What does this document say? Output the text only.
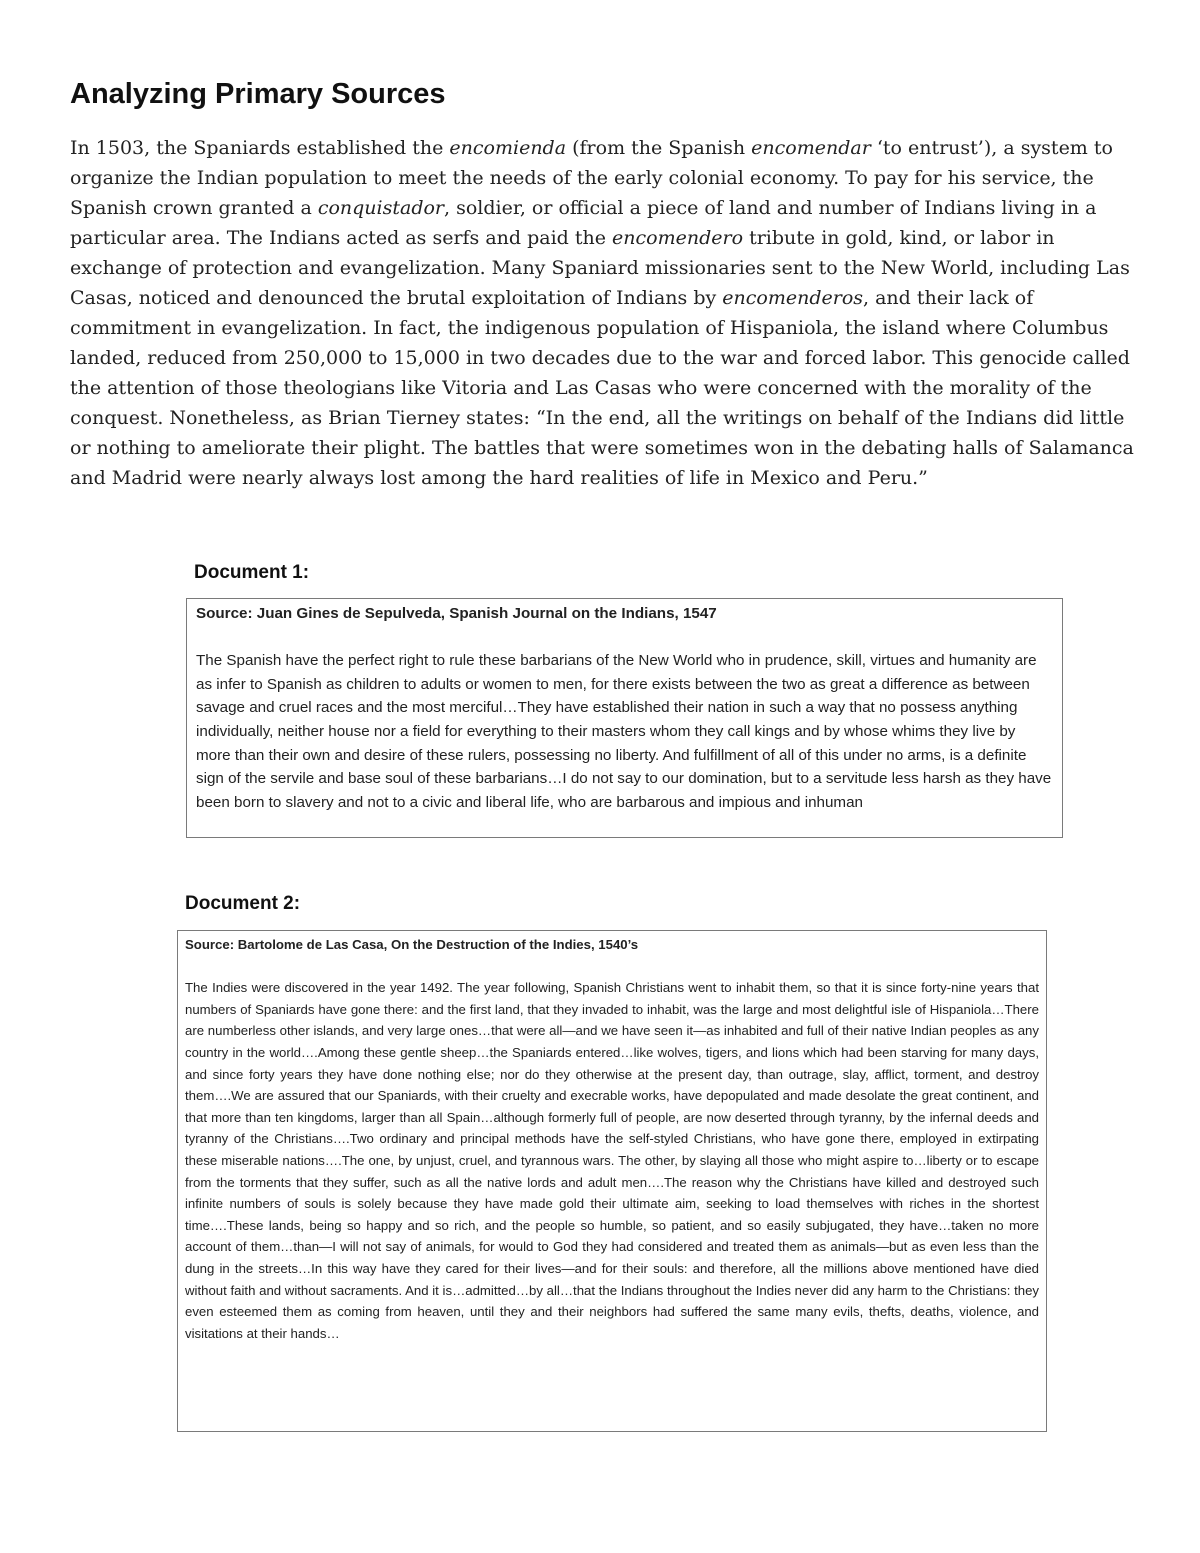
Analyzing Primary Sources

In 1503, the Spaniards established the encomienda (from the Spanish encomendar ‘to entrust’), a system to organize the Indian population to meet the needs of the early colonial economy. To pay for his service, the Spanish crown granted a conquistador, soldier, or official a piece of land and number of Indians living in a particular area. The Indians acted as serfs and paid the encomendero tribute in gold, kind, or labor in exchange of protection and evangelization. Many Spaniard missionaries sent to the New World, including Las Casas, noticed and denounced the brutal exploitation of Indians by encomenderos, and their lack of commitment in evangelization. In fact, the indigenous population of Hispaniola, the island where Columbus landed, reduced from 250,000 to 15,000 in two decades due to the war and forced labor. This genocide called the attention of those theologians like Vitoria and Las Casas who were concerned with the morality of the conquest. Nonetheless, as Brian Tierney states: “In the end, all the writings on behalf of the Indians did little or nothing to ameliorate their plight. The battles that were sometimes won in the debating halls of Salamanca and Madrid were nearly always lost among the hard realities of life in Mexico and Peru.”

Document 1:

Source: Juan Gines de Sepulveda, Spanish Journal on the Indians, 1547

The Spanish have the perfect right to rule these barbarians of the New World who in prudence, skill, virtues and humanity are as infer to Spanish as children to adults or women to men, for there exists between the two as great a difference as between savage and cruel races and the most merciful…They have established their nation in such a way that no possess anything individually, neither house nor a field for everything to their masters whom they call kings and by whose whims they live by more than their own and desire of these rulers, possessing no liberty. And fulfillment of all of this under no arms, is a definite sign of the servile and base soul of these barbarians…I do not say to our domination, but to a servitude less harsh as they have been born to slavery and not to a civic and liberal life, who are barbarous and impious and inhuman

Document 2:

Source: Bartolome de Las Casa, On the Destruction of the Indies, 1540’s

The Indies were discovered in the year 1492. The year following, Spanish Christians went to inhabit them, so that it is since forty-nine years that numbers of Spaniards have gone there: and the first land, that they invaded to inhabit, was the large and most delightful isle of Hispaniola…There are numberless other islands, and very large ones…that were all—and we have seen it—as inhabited and full of their native Indian peoples as any country in the world….Among these gentle sheep…the Spaniards entered…like wolves, tigers, and lions which had been starving for many days, and since forty years they have done nothing else; nor do they otherwise at the present day, than outrage, slay, afflict, torment, and destroy them….We are assured that our Spaniards, with their cruelty and execrable works, have depopulated and made desolate the great continent, and that more than ten kingdoms, larger than all Spain…although formerly full of people, are now deserted through tyranny, by the infernal deeds and tyranny of the Christians….Two ordinary and principal methods have the self-styled Christians, who have gone there, employed in extirpating these miserable nations….The one, by unjust, cruel, and tyrannous wars. The other, by slaying all those who might aspire to…liberty or to escape from the torments that they suffer, such as all the native lords and adult men….The reason why the Christians have killed and destroyed such infinite numbers of souls is solely because they have made gold their ultimate aim, seeking to load themselves with riches in the shortest time….These lands, being so happy and so rich, and the people so humble, so patient, and so easily subjugated, they have…taken no more account of them…than—I will not say of animals, for would to God they had considered and treated them as animals—but as even less than the dung in the streets…In this way have they cared for their lives—and for their souls: and therefore, all the millions above mentioned have died without faith and without sacraments. And it is…admitted…by all…that the Indians throughout the Indies never did any harm to the Christians: they even esteemed them as coming from heaven, until they and their neighbors had suffered the same many evils, thefts, deaths, violence, and visitations at their hands…
